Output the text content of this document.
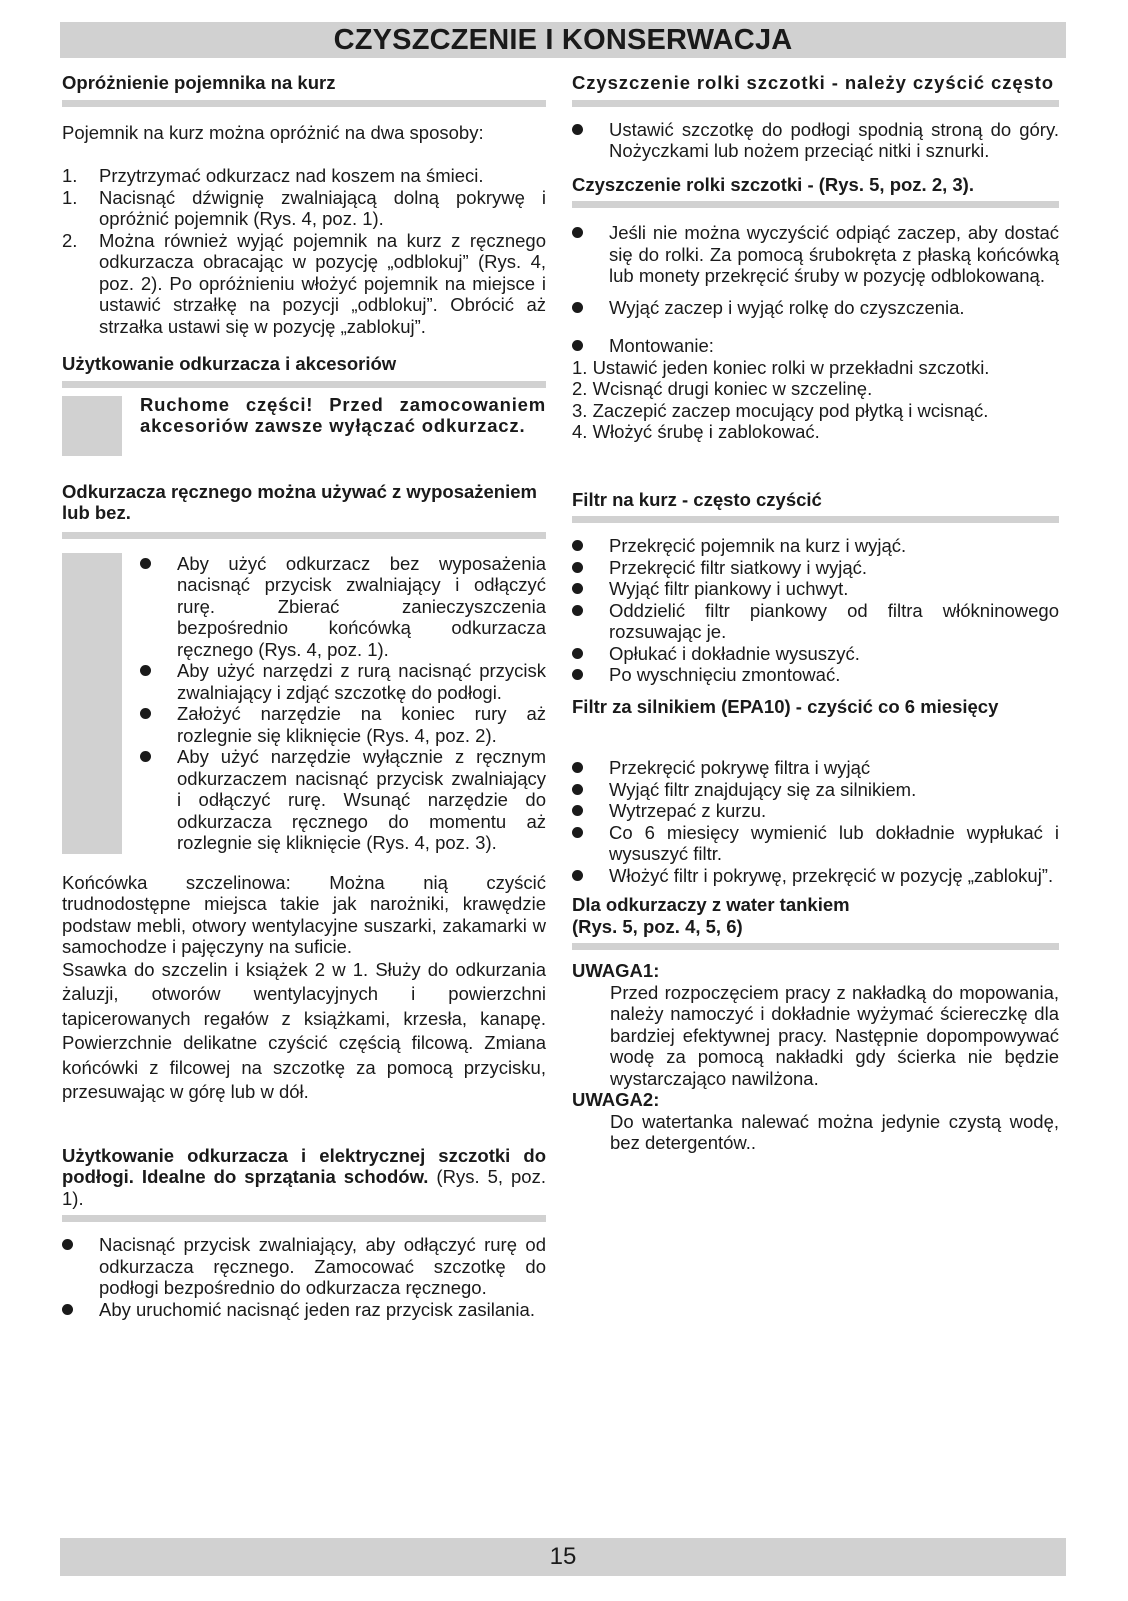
CZYSZCZENIE I KONSERWACJA

Opróżnienie pojemnika na kurz

Pojemnik na kurz można opróżnić na dwa sposoby:

1. Przytrzymać odkurzacz nad koszem na śmieci.
1. Nacisnąć dźwignię zwalniającą dolną pokrywę i opróżnić pojemnik (Rys. 4, poz. 1).
2. Można również wyjąć pojemnik na kurz z ręcznego odkurzacza obracając w pozycję „odblokuj” (Rys. 4, poz. 2). Po opróżnieniu włożyć pojemnik na miejsce i ustawić strzałkę na pozycji „odblokuj”. Obrócić aż strzałka ustawi się w pozycję „zablokuj”.

Użytkowanie odkurzacza i akcesoriów

Ruchome części! Przed zamocowaniem akcesoriów zawsze wyłączać odkurzacz.

Odkurzacza ręcznego można używać z wyposażeniem lub bez.

Aby użyć odkurzacz bez wyposażenia nacisnąć przycisk zwalniający i odłączyć rurę. Zbierać zanieczyszczenia bezpośrednio końcówką odkurzacza ręcznego (Rys. 4, poz. 1).
Aby użyć narzędzi z rurą nacisnąć przycisk zwalniający i zdjąć szczotkę do podłogi.
Założyć narzędzie na koniec rury aż rozlegnie się kliknięcie (Rys. 4, poz. 2).
Aby użyć narzędzie wyłącznie z ręcznym odkurzaczem nacisnąć przycisk zwalniający i odłączyć rurę. Wsunąć narzędzie do odkurzacza ręcznego do momentu aż rozlegnie się kliknięcie (Rys. 4, poz. 3).

Końcówka szczelinowa: Można nią czyścić trudnodostępne miejsca takie jak narożniki, krawędzie podstaw mebli, otwory wentylacyjne suszarki, zakamarki w samochodze i pajęczyny na suficie.

Ssawka do szczelin i książek 2 w 1. Służy do odkurzania żaluzji, otworów wentylacyjnych i powierzchni tapicerowanych regałów z książkami, krzesła, kanapę. Powierzchnie delikatne czyścić częścią filcową. Zmiana końcówki z filcowej na szczotkę za pomocą przycisku, przesuwając w górę lub w dół.

Użytkowanie odkurzacza i elektrycznej szczotki do podłogi. Idealne do sprzątania schodów. (Rys. 5, poz. 1).

Nacisnąć przycisk zwalniający, aby odłączyć rurę od odkurzacza ręcznego. Zamocować szczotkę do podłogi bezpośrednio do odkurzacza ręcznego.
Aby uruchomić nacisnąć jeden raz przycisk zasilania.

Czyszczenie rolki szczotki - należy czyścić często

Ustawić szczotkę do podłogi spodnią stroną do góry. Nożyczkami lub nożem przeciąć nitki i sznurki.

Czyszczenie rolki szczotki - (Rys. 5, poz. 2, 3).

Jeśli nie można wyczyścić odpiąć zaczep, aby dostać się do rolki. Za pomocą śrubokręta z płaską końcówką lub monety przekręcić śruby w pozycję odblokowaną.
Wyjąć zaczep i wyjąć rolkę do czyszczenia.
Montowanie:

1. Ustawić jeden koniec rolki w przekładni szczotki.

2. Wcisnąć drugi koniec w szczelinę.

3. Zaczepić zaczep mocujący pod płytką i wcisnąć.

4. Włożyć śrubę i zablokować.

Filtr na kurz - często czyścić

Przekręcić pojemnik na kurz i wyjąć.
Przekręcić filtr siatkowy i wyjąć.
Wyjąć filtr piankowy i uchwyt.
Oddzielić filtr piankowy od filtra włókninowego rozsuwając je.
Opłukać i dokładnie wysuszyć.
Po wyschnięciu zmontować.

Filtr za silnikiem (EPA10) - czyścić co 6 miesięcy

Przekręcić pokrywę filtra i wyjąć
Wyjąć filtr znajdujący się za silnikiem.
Wytrzepać z kurzu.
Co 6 miesięcy wymienić lub dokładnie wypłukać i wysuszyć filtr.
Włożyć filtr i pokrywę, przekręcić w pozycję „zablokuj”.

Dla odkurzaczy z water tankiem

(Rys. 5, poz. 4, 5, 6)

UWAGA1:

Przed rozpoczęciem pracy z nakładką do mopowania, należy namoczyć i dokładnie wyżymać ściereczkę dla bardziej efektywnej pracy. Następnie dopompowywać wodę za pomocą nakładki gdy ścierka nie będzie wystarczająco nawilżona.

UWAGA2:

Do watertanka nalewać można jedynie czystą wodę, bez detergentów..

15
